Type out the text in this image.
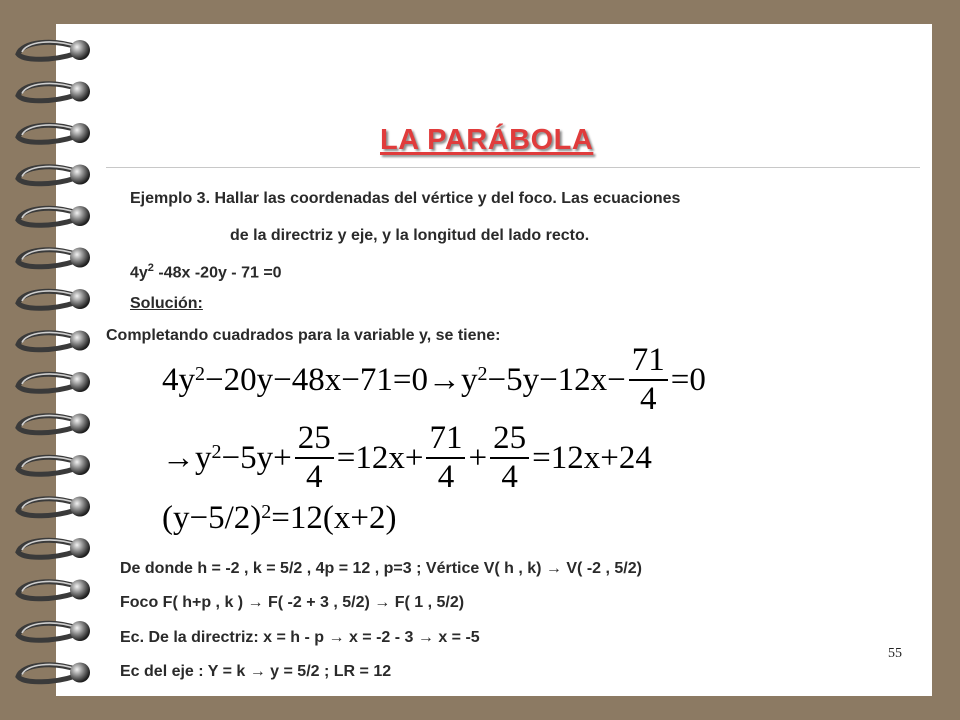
LA PARÁBOLA
Ejemplo 3. Hallar las coordenadas del vértice y del foco. Las ecuaciones
de la directriz y eje, y la longitud del lado recto.
$4y^2$ -48x -20y - 71 =0
Solución:
Completando cuadrados para la variable y, se tiene:
$4y^2 -20y-48x-71=0\to y^2 -5y-12x- \frac{71}{4} =0$
$\to y^2 -5y+ \frac{25}{4} =12x+ \frac{71}{4} + \frac{25}{4} =12x+24$
$(y-5/2)^2 =12(x+2)$
De donde h = -2 , k = 5/2 , 4p = 12 , p=3 ; Vértice V( h , k) → V( -2 , 5/2)
Foco F( h+p , k ) → F( -2 + 3 , 5/2) → F( 1 , 5/2)
Ec. De la directriz: x = h - p → x = -2 - 3 → x = -5
Ec del eje : Y = k → y = 5/2 ; LR = 12
55
